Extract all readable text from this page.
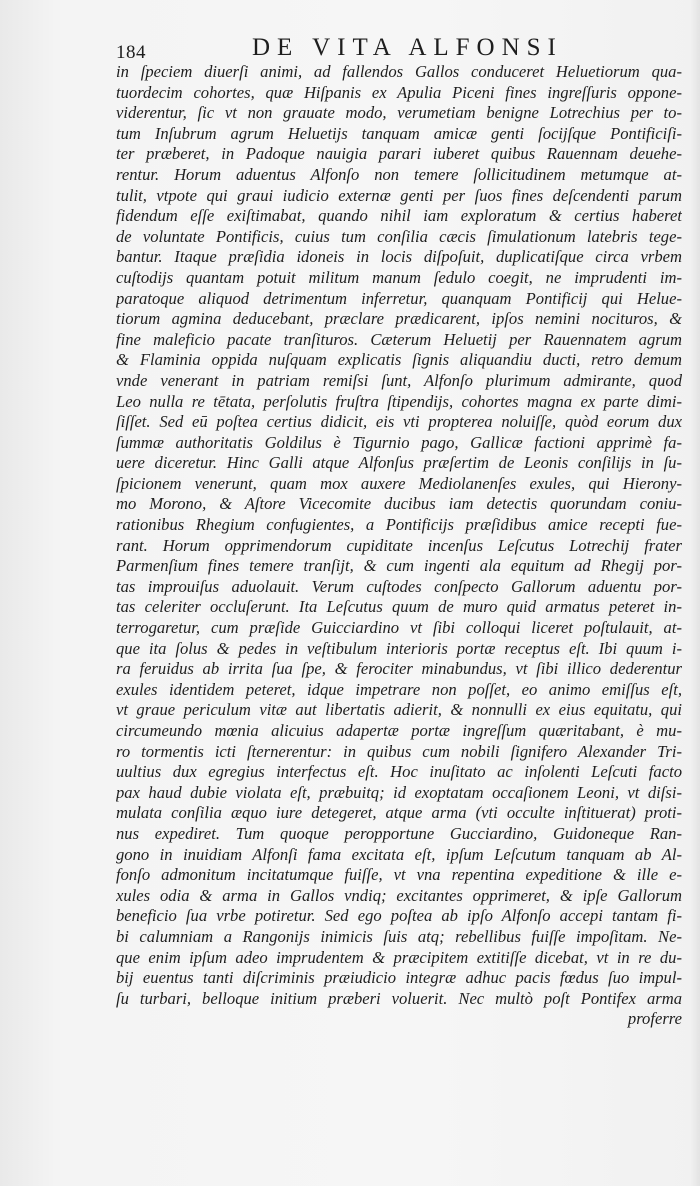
184	DE VITA ALFONSI
in ſpeciem diuerſi animi, ad fallendos Gallos conduceret Heluetiorum qua-
tuordecim cohortes, quæ Hiſpanis ex Apulia Piceni fines ingreſſuris oppone-
viderentur, ſic vt non grauate modo, verumetiam benigne Lotrechius per to-
tum Inſubrum agrum Heluetijs tanquam amicæ genti ſocijſque Pontificiſi-
ter præberet, in Padoque nauigia parari iuberet quibus Rauennam deuehe-
rentur. Horum aduentus Alfonſo non temere ſollicitudinem metumque at-
tulit, vtpote qui graui iudicio externæ genti per ſuos fines deſcendenti parum
fidendum eſſe exiſtimabat, quando nihil iam exploratum & certius haberet
de voluntate Pontificis, cuius tum conſilia cæcis ſimulationum latebris tege-
bantur. Itaque præſidia idoneis in locis diſpoſuit, duplicatiſque circa vrbem
cuſtodijs quantam potuit militum manum ſedulo coegit, ne imprudenti im-
paratoque aliquod detrimentum inferretur, quanquam Pontificij qui Helue-
tiorum agmina deducebant, præclare prædicarent, ipſos nemini nocituros, &
fine maleficio pacate tranſituros. Cæterum Heluetij per Rauennatem agrum
& Flaminia oppida nuſquam explicatis ſignis aliquandiu ducti, retro demum
vnde venerant in patriam remiſsi ſunt, Alfonſo plurimum admirante, quod
Leo nulla re tētata, perſolutis fruſtra ſtipendijs, cohortes magna ex parte dimi-
ſiſſet. Sed eū poſtea certius didicit, eis vti propterea noluiſſe, quòd eorum dux
ſummæ authoritatis Goldilus è Tigurnio pago, Gallicæ factioni apprimè fa-
uere diceretur. Hinc Galli atque Alfonſus præſertim de Leonis conſilijs in ſu-
ſpicionem venerunt, quam mox auxere Mediolanenſes exules, qui Hierony-
mo Morono, & Aſtore Vicecomite ducibus iam detectis quorundam coniu-
rationibus Rhegium confugientes, a Pontificijs præſidibus amice recepti fue-
rant. Horum opprimendorum cupiditate incenſus Leſcutus Lotrechij frater
Parmenſium fines temere tranſijt, & cum ingenti ala equitum ad Rhegij por-
tas improuiſus aduolauit. Verum cuſtodes conſpecto Gallorum aduentu por-
tas celeriter occluſerunt. Ita Leſcutus quum de muro quid armatus peteret in-
terrogaretur, cum præſide Guicciardino vt ſibi colloqui liceret poſtulauit, at-
que ita ſolus & pedes in veſtibulum interioris portæ receptus eſt. Ibi quum i-
ra feruidus ab irrita ſua ſpe, & ferociter minabundus, vt ſibi illico dederentur
exules identidem peteret, idque impetrare non poſſet, eo animo emiſſus eſt,
vt graue periculum vitæ aut libertatis adierit, & nonnulli ex eius equitatu, qui
circumeundo mœnia alicuius adapertæ portæ ingreſſum quæritabant, è mu-
ro tormentis icti ſternerentur: in quibus cum nobili ſignifero Alexander Tri-
uultius dux egregius interfectus eſt. Hoc inuſitato ac inſolenti Leſcuti facto
pax haud dubie violata eſt, præbuitq; id exoptatam occaſionem Leoni, vt diſsi-
mulata conſilia æquo iure detegeret, atque arma (vti occulte inſtituerat) proti-
nus expediret. Tum quoque peropportune Gucciardino, Guidoneque Ran-
gono in inuidiam Alfonſi fama excitata eſt, ipſum Leſcutum tanquam ab Al-
fonſo admonitum incitatumque fuiſſe, vt vna repentina expeditione & ille e-
xules odia & arma in Gallos vndiq; excitantes opprimeret, & ipſe Gallorum
beneficio ſua vrbe potiretur. Sed ego poſtea ab ipſo Alfonſo accepi tantam fi-
bi calumniam a Rangonijs inimicis ſuis atq; rebellibus fuiſſe impoſitam. Ne-
que enim ipſum adeo imprudentem & præcipitem extitiſſe dicebat, vt in re du-
bij euentus tanti diſcriminis præiudicio integræ adhuc pacis fœdus ſuo impul-
ſu turbari, belloque initium præberi voluerit. Nec multò poſt Pontifex arma
proferre
